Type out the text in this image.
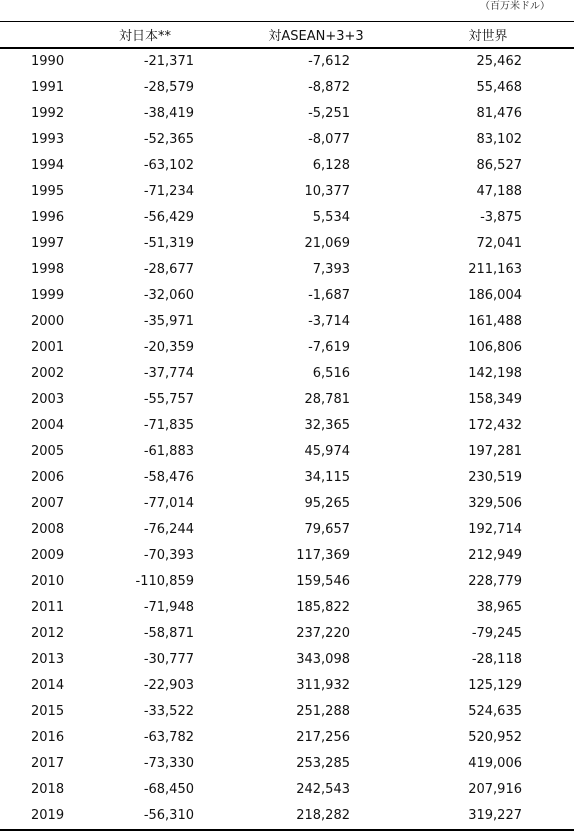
（百万米ドル）
	対日本**	対ASEAN+3+3	対世界
1990	-21,371	-7,612	25,462
1991	-28,579	-8,872	55,468
1992	-38,419	-5,251	81,476
1993	-52,365	-8,077	83,102
1994	-63,102	6,128	86,527
1995	-71,234	10,377	47,188
1996	-56,429	5,534	-3,875
1997	-51,319	21,069	72,041
1998	-28,677	7,393	211,163
1999	-32,060	-1,687	186,004
2000	-35,971	-3,714	161,488
2001	-20,359	-7,619	106,806
2002	-37,774	6,516	142,198
2003	-55,757	28,781	158,349
2004	-71,835	32,365	172,432
2005	-61,883	45,974	197,281
2006	-58,476	34,115	230,519
2007	-77,014	95,265	329,506
2008	-76,244	79,657	192,714
2009	-70,393	117,369	212,949
2010	-110,859	159,546	228,779
2011	-71,948	185,822	38,965
2012	-58,871	237,220	-79,245
2013	-30,777	343,098	-28,118
2014	-22,903	311,932	125,129
2015	-33,522	251,288	524,635
2016	-63,782	217,256	520,952
2017	-73,330	253,285	419,006
2018	-68,450	242,543	207,916
2019	-56,310	218,282	319,227
